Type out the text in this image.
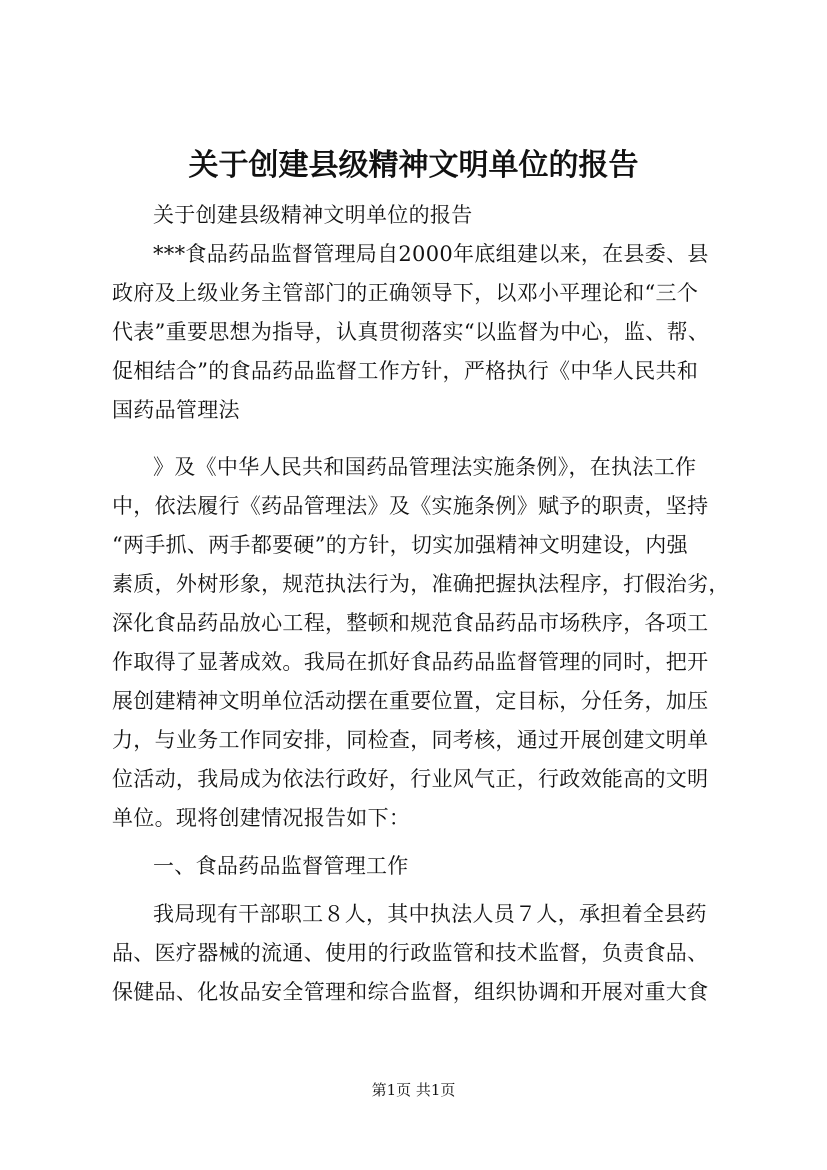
关于创建县级精神文明单位的报告
关于创建县级精神文明单位的报告
***食品药品监督管理局自2000年底组建以来，在县委、县
政府及上级业务主管部门的正确领导下，以邓小平理论和“三个
代表”重要思想为指导，认真贯彻落实“以监督为中心，监、帮、
促相结合”的食品药品监督工作方针，严格执行《中华人民共和
国药品管理法
》及《中华人民共和国药品管理法实施条例》，在执法工作
中，依法履行《药品管理法》及《实施条例》赋予的职责，坚持
“两手抓、两手都要硬”的方针，切实加强精神文明建设，内强
素质，外树形象，规范执法行为，准确把握执法程序，打假治劣，
深化食品药品放心工程，整顿和规范食品药品市场秩序，各项工
作取得了显著成效。我局在抓好食品药品监督管理的同时，把开
展创建精神文明单位活动摆在重要位置，定目标，分任务，加压
力，与业务工作同安排，同检查，同考核，通过开展创建文明单
位活动，我局成为依法行政好，行业风气正，行政效能高的文明
单位。现将创建情况报告如下：
一、食品药品监督管理工作
我局现有干部职工８人，其中执法人员７人，承担着全县药
品、医疗器械的流通、使用的行政监管和技术监督，负责食品、
保健品、化妆品安全管理和综合监督，组织协调和开展对重大食
第1页 共1页
